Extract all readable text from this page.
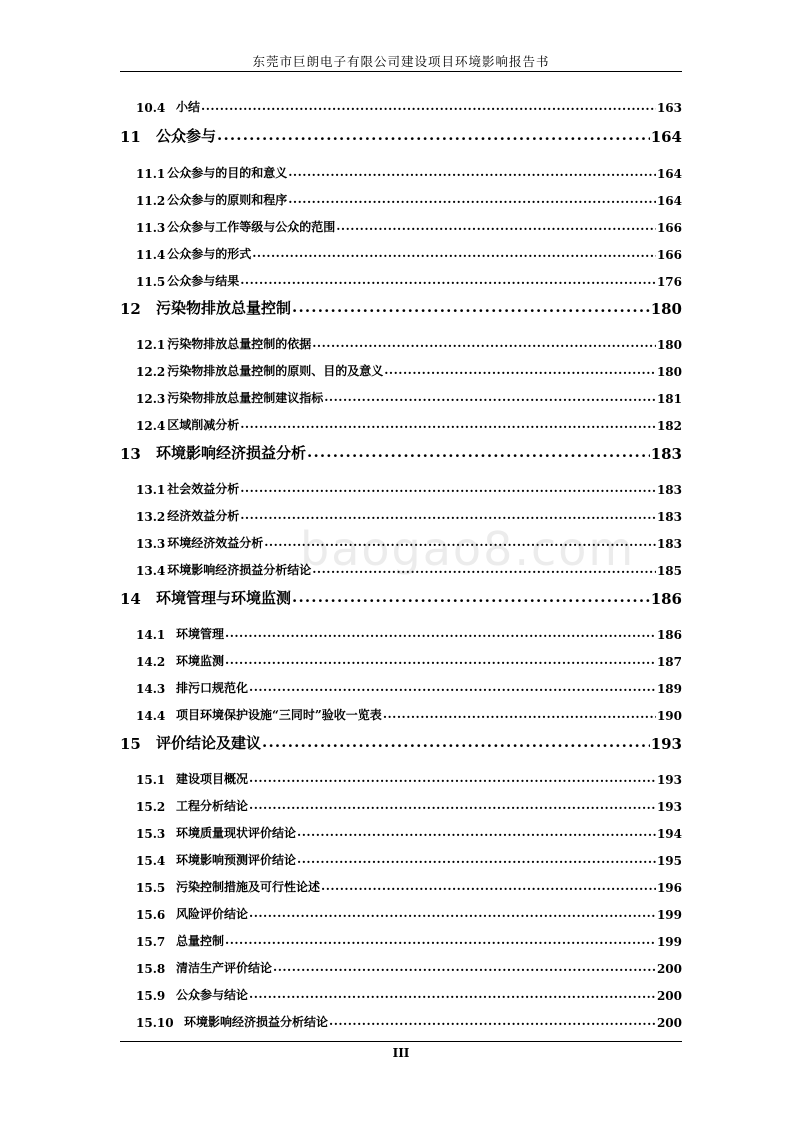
东莞市巨朗电子有限公司建设项目环境影响报告书
10.4 小结 .....	163
11	公众参与 .....	164
11.1 公众参与的目的和意义 .....	164
11.2 公众参与的原则和程序 .....	164
11.3 公众参与工作等级与公众的范围 .....	166
11.4 公众参与的形式 .....	166
11.5 公众参与结果 .....	176
12	污染物排放总量控制 .....	180
12.1 污染物排放总量控制的依据 .....	180
12.2 污染物排放总量控制的原则、目的及意义 .....	180
12.3 污染物排放总量控制建议指标 .....	181
12.4 区域削减分析 .....	182
13	环境影响经济损益分析 .....	183
13.1 社会效益分析 .....	183
13.2 经济效益分析 .....	183
13.3 环境经济效益分析 .....	183
13.4 环境影响经济损益分析结论 .....	185
14	环境管理与环境监测 .....	186
14.1 环境管理 .....	186
14.2 环境监测 .....	187
14.3 排污口规范化 .....	189
14.4 项目环境保护设施“三同时”验收一览表 .....	190
15	评价结论及建议 .....	193
15.1 建设项目概况 .....	193
15.2 工程分析结论 .....	193
15.3 环境质量现状评价结论 .....	194
15.4 环境影响预测评价结论 .....	195
15.5 污染控制措施及可行性论述 .....	196
15.6 风险评价结论 .....	199
15.7 总量控制 .....	199
15.8 清洁生产评价结论 .....	200
15.9 公众参与结论 .....	200
15.10 环境影响经济损益分析结论 .....	200
baogao8.com
III
